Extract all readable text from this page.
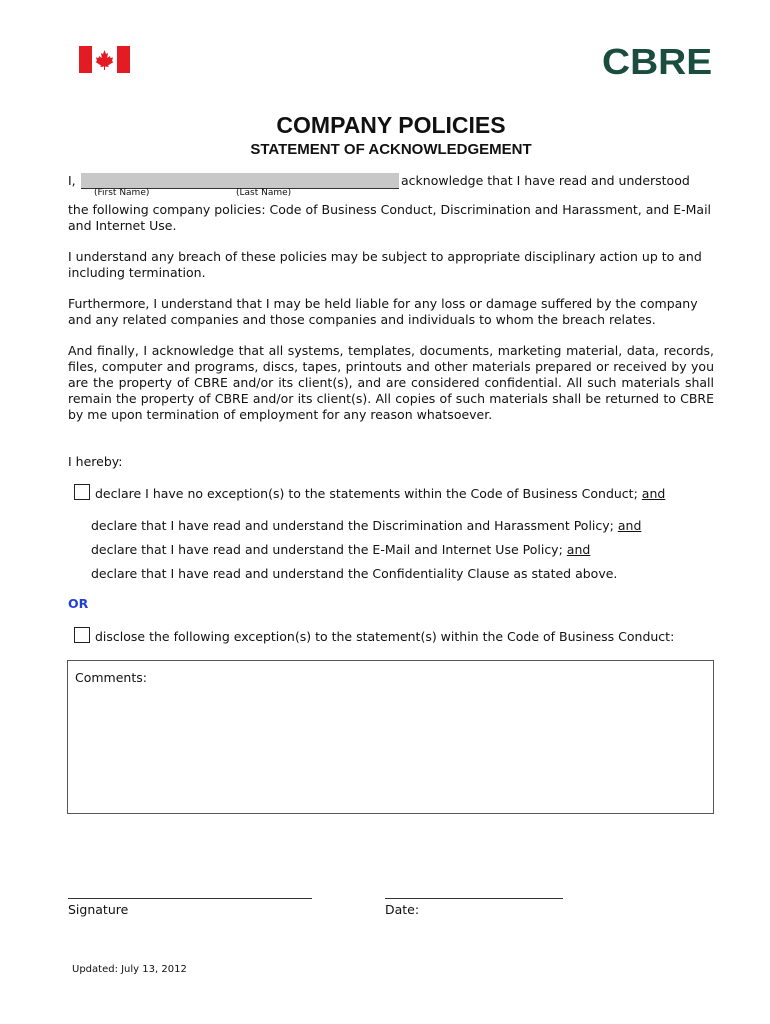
CBRE
COMPANY POLICIES
STATEMENT OF ACKNOWLEDGEMENT
I,	acknowledge that I have read and understood
(First Name)	(Last Name)
the following company policies: Code of Business Conduct, Discrimination and Harassment, and E-Mail and Internet Use.
I understand any breach of these policies may be subject to appropriate disciplinary action up to and including termination.
Furthermore, I understand that I may be held liable for any loss or damage suffered by the company and any related companies and those companies and individuals to whom the breach relates.
And finally, I acknowledge that all systems, templates, documents, marketing material, data, records, files, computer and programs, discs, tapes, printouts and other materials prepared or received by you are the property of CBRE and/or its client(s), and are considered confidential. All such materials shall remain the property of CBRE and/or its client(s). All copies of such materials shall be returned to CBRE by me upon termination of employment for any reason whatsoever.
I hereby:
declare I have no exception(s) to the statements within the Code of Business Conduct; and
declare that I have read and understand the Discrimination and Harassment Policy; and
declare that I have read and understand the E-Mail and Internet Use Policy; and
declare that I have read and understand the Confidentiality Clause as stated above.
OR
disclose the following exception(s) to the statement(s) within the Code of Business Conduct:
Comments:
Signature	Date:
Updated: July 13, 2012
